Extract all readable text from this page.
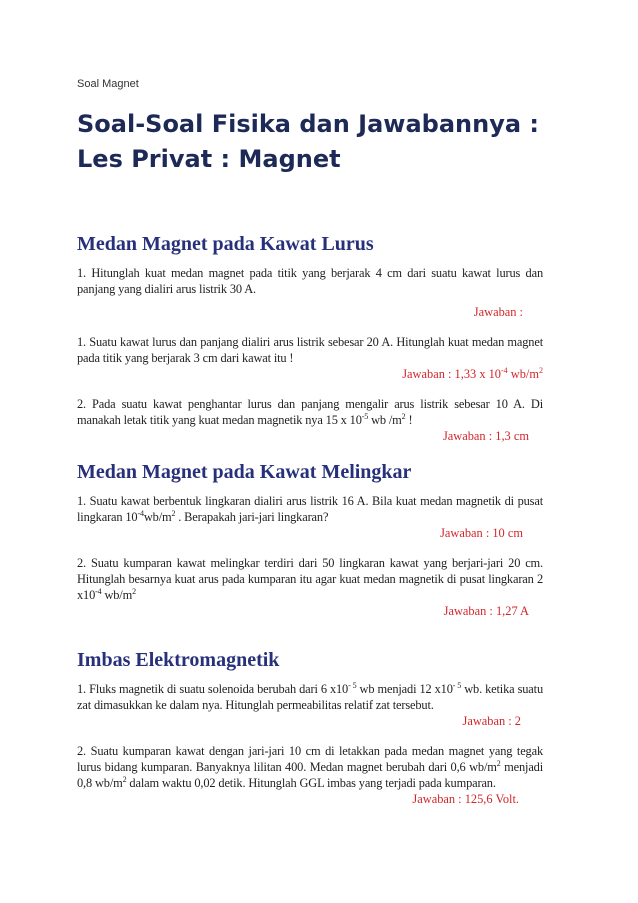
Soal Magnet
Soal-Soal Fisika dan Jawabannya :
Les Privat : Magnet
Medan Magnet pada Kawat Lurus

1. Hitunglah kuat medan magnet pada titik yang berjarak 4 cm dari suatu kawat lurus dan panjang yang dialiri arus listrik 30 A.

Jawaban :

1. Suatu kawat lurus dan panjang dialiri arus listrik sebesar 20 A. Hitunglah kuat medan magnet pada titik yang berjarak 3 cm dari kawat itu !

Jawaban : 1,33 x $10^{-4}$ $wb/m^2$

2. Pada suatu kawat penghantar lurus dan panjang mengalir arus listrik sebesar 10 A. Di manakah letak titik yang kuat medan magnetik nya 15 x $10^{-5}$ wb $/m^2$ !

Jawaban : 1,3 cm

Medan Magnet pada Kawat Melingkar

1. Suatu kawat berbentuk lingkaran dialiri arus listrik 16 A. Bila kuat medan magnetik di pusat lingkaran $10^{-4}wb/m^2$ . Berapakah jari-jari lingkaran?

Jawaban : 10 cm

2. Suatu kumparan kawat melingkar terdiri dari 50 lingkaran kawat yang berjari-jari 20 cm. Hitunglah besarnya kuat arus pada kumparan itu agar kuat medan magnetik di pusat lingkaran 2 $x10^{-4}$ $wb/m^2$

Jawaban : 1,27 A

Imbas Elektromagnetik

1. Fluks magnetik di suatu solenoida berubah dari 6 $x10^{- 5}$ wb menjadi 12 $x10^{- 5}$ wb. ketika suatu zat dimasukkan ke dalam nya. Hitunglah permeabilitas relatif zat tersebut.

Jawaban : 2

2. Suatu kumparan kawat dengan jari-jari 10 cm di letakkan pada medan magnet yang tegak lurus bidang kumparan. Banyaknya lilitan 400. Medan magnet berubah dari 0,6 $wb/m^2$ menjadi 0,8 $wb/m^2$ dalam waktu 0,02 detik. Hitunglah GGL imbas yang terjadi pada kumparan.

Jawaban : 125,6 Volt.
